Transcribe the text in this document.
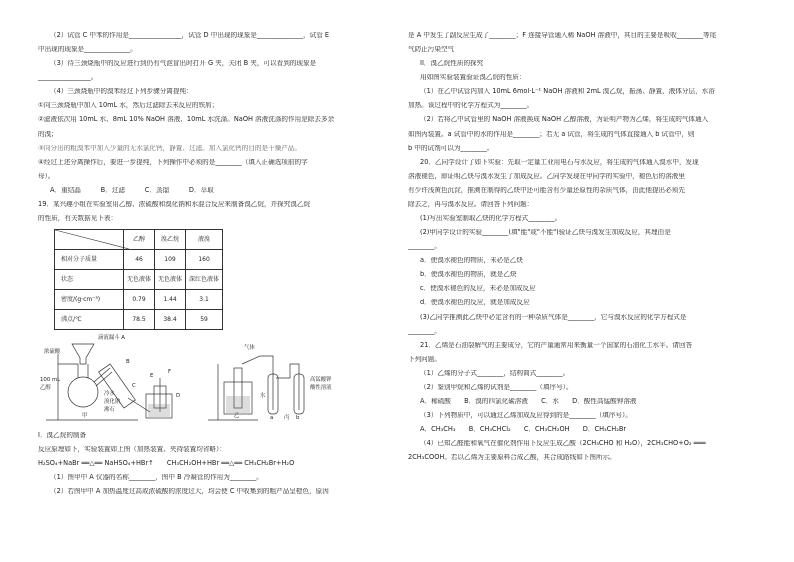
（2）试管 C 中苯的作用是________________，试管 D 中出现的现象是______________，试管 E
中出现的现象是______________。
（3）待三颈烧瓶中的反应进行到仍有气泡冒出时打开 G 夹，关闭 B 夹，可以看到的现象是
________________。
（4）三颈烧瓶中的溴苯经过下列步骤分离提纯：
①向三颈烧瓶中加入 10mL 水，然后过滤除去未反应的铁屑；
②滤液依次用 10mL 水、8mL 10% NaOH 溶液、10mL 水洗涤。NaOH 溶液洗涤的作用是除去多余
的溴；
③向分出的粗溴苯中加入少量的无水氯化钙，静置、过滤。加入氯化钙的目的是干燥产品。
④经过上述分离操作后，要进一步提纯，下列操作中必须的是________（填入正确选项前的字
母）。
A．重结晶　　　B．过滤　　　C．蒸馏　　　D．萃取
19．某兴趣小组在实验室用乙醇、浓硫酸和溴化钠和水混合反应来制备溴乙烷，并探究溴乙烷
的性质，有关数据见下表：
	乙醇	溴乙烷	液溴
相对分子质量	46	109	160
状态	无色液体	无色液体	深红色液体
密度/(g·cm⁻³)	0.79	1.44	3.1
沸点/℃	78.5	38.4	59
滴液漏斗 A
浓硫酸
100 mL
乙醇
冷水
溴化钠
沸石
C
E
F
B
D
甲
气体
乙
高锰酸钾
酸性溶液
水
a	b
丙
I．溴乙烷的制备
反应原理如下，实验装置如上图（加热装置、夹持装置均省略）：
H₂SO₄+NaBr ══△══ NaHSO₄+HBr↑　　CH₃CH₂OH+HBr ══△══ CH₃CH₂Br+H₂O
（1）图甲中 A 仪器的名称________，图中 B 冷凝管的作用为________。
（2）若图甲中 A 加热温度过高或浓硫酸的浓度过大，均会使 C 中收集到的粗产品呈橙色，原因
是 A 中发生了副反应生成了________；F 连接导管通入稀 NaOH 溶液中，其目的主要是吸收________等尾
气防止污染空气
II．溴乙烷性质的探究
用如图实验装置验证溴乙烷的性质：
（1）在乙中试管内加入 10mL 6mol·L⁻¹ NaOH 溶液和 2mL 溴乙烷，振荡、静置，液体分层，水浴
加热。该过程中的化学方程式为________。
（2）若将乙中试管里的 NaOH 溶液换成 NaOH 乙醇溶液，为证明产物为乙烯，将生成的气体通入
如图丙装置。a 试管中的水的作用是________；若无 a 试管，将生成的气体直接通入 b 试管中，则
b 中的试剂可以为________。
20．乙同学设计了如下实验：先取一定量工业用电石与水反应，将生成的气体通入溴水中，发现
溶液褪色，即证明乙炔与溴水发生了加成反应。乙同学发现在甲同学的实验中，褪色后的溶液里
有少许浅黄色沉淀，推测在制得的乙炔中还可能含有少量还原性的杂质气体，由此他提出必须先
除去之，再与溴水反应。请回答下列问题：
(1)写出实验室制取乙炔的化学方程式________。
(2)甲同学设计的实验________(填"能"或"不能")验证乙炔与溴发生加成反应，其理由是
________。
a．使溴水褪色的物质，未必是乙炔
b．使溴水褪色的物质，就是乙炔
c．使溴水褪色的反应，未必是加成反应
d．使溴水褪色的反应，就是加成反应
(3)乙同学推测此乙炔中必定含有的一种杂质气体是________，它与溴水反应的化学方程式是
________。
21．乙烯是石油裂解气的主要成分，它的产量通常用来衡量一个国家的石油化工水平。请回答
下列问题。
（1）乙烯的分子式________，结构简式________。
（2）鉴别甲烷和乙烯的试剂是________（填序号）。
A．稀硫酸　　B．溴的四氯化碳溶液　　C．水　　D．酸性高锰酸钾溶液
（3）下列物质中，可以通过乙烯加成反应得到的是________（填序号）。
A．CH₃CH₃　　B．CH₃CHCl₂　　C．CH₃CH₂OH　　D．CH₃CH₂Br
（4）已知乙醛能和氧气在催化剂作用下反应生成乙酸（2CH₃CHO 和 H₂O），2CH₃CHO+O₂ ═══
2CH₃COOH。若以乙烯为主要原料合成乙酸，其合成路线如下图所示。
